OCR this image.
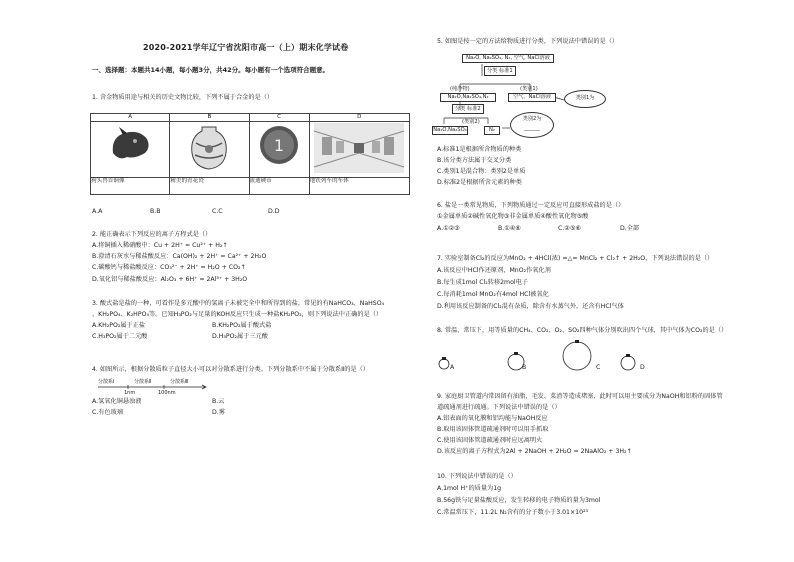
2020-2021学年辽宁省沈阳市高一（上）期末化学试卷
一、选择题：本题共14小题，每小题3分，共42分。每小题有一个选项符合题意。
1. 含金物质用途与相关的历史文物比较，下列不属于合金的是（）
A	B	C	D

1

狗头兽首铜像	精美的青花瓷	流通硬币	地铁列车的车体
A.A	B.B	C.C	D.D
2. 能正确表示下列反应的离子方程式是（）
A.将铜插入稀硝酸中：Cu + 2H⁺ = Cu²⁺ + H₂↑
B.澄清石灰水与稀盐酸反应：Ca(OH)₂ + 2H⁺ = Ca²⁺ + 2H₂O
C.碳酸钙与稀盐酸反应：CO₃²⁻ + 2H⁺ = H₂O + CO₂↑
D.氧化铝与稀盐酸反应：Al₂O₃ + 6H⁺ = 2Al³⁺ + 3H₂O
3. 酸式盐是盐的一种，可看作是多元酸中的氢离子未被完全中和所得到的盐，常见的有NaHCO₃、NaHSO₄
、KH₂PO₄、K₂HPO₄等。已知H₃PO₂与足量的KOH反应只生成一种盐KH₂PO₂，则下列说法中正确的是（）
A.KH₂PO₂属于正盐	B.KH₂PO₂属于酸式盐
C.H₃PO₂属于二元酸	D.H₃PO₂属于三元酸
4. 如图所示，根据分散质粒子直径大小可以对分散系进行分类。下列分散系中不属于分散系Ⅱ的是（）
分散系Ⅰ	分散系Ⅱ	分散系Ⅲ
1nm	100nm
A.氢氧化铜悬浊液	B.云
C.有色玻璃	D.雾
5. 如图是按一定的方法给物质进行分类，下列说法中错误的是（）
Na₂O, Na₂SO₄, N₂, 空气, NaCl溶液
分类 标准1
(纯净物)	(类别1)
Na₂O,Na₂SO₄,N₂	空气、NaCl溶液
分类 标准2
(类别2)
Na₂O,Na₂SO₄	N₂
类别1为
类别2为
______
A.标准1是根据所含物质的种类
B.该分类方法属于交叉分类
C.类别1是混合物：类别2是单质
D.标准2是根据所含元素的种类
6. 盐是一类常见物质，下列物质通过一定反应可直接形成盐的是（）
①金属单质②碱性氧化物③非金属单质④酸性氧化物⑤酸
A.①②③	B.①④⑥	C.②⑤⑥	D.全部
7. 实验室制备Cl₂的反应为MnO₂ + 4HCl(浓) =△= MnCl₂ + Cl₂↑ + 2H₂O，下列说法错误的是（）
A.该反应中HCl作还原剂，MnO₂作氧化剂
B.每生成1mol Cl₂转移2mol电子
C.每消耗1mol MnO₂有4mol HCl被氧化
D.利用该反应制备的Cl₂混有杂质，除含有水蒸气外，还含有HCl气体
8. 常温、常压下，用等质量的CH₄、CO₂、O₂、SO₂四种气体分别吹出四个气球，其中气体为CO₂的是（）
A	B	C	D
9. 家庭厨卫管道内常因留有油脂、毛发、菜渣等造成堵塞，此时可以用主要成分为NaOH和铝粉的固体管
道疏通剂进行疏通。下列说法中错误的是（）
A.铝表面的氧化膜和铝均能与NaOH反应
B.取用该固体管道疏通剂时可以用手抓取
C.使用该固体管道疏通剂时应远离明火
D.该反应的离子方程式为2Al + 2NaOH + 2H₂O = 2NaAlO₂ + 3H₂↑
10. 下列说法中错误的是（）
A.1mol H⁺的质量为1g
B.56g铁与足量盐酸反应，发生转移的电子物质的量为3mol
C.常温常压下，11.2L N₂含有的分子数小于3.01×10²³
